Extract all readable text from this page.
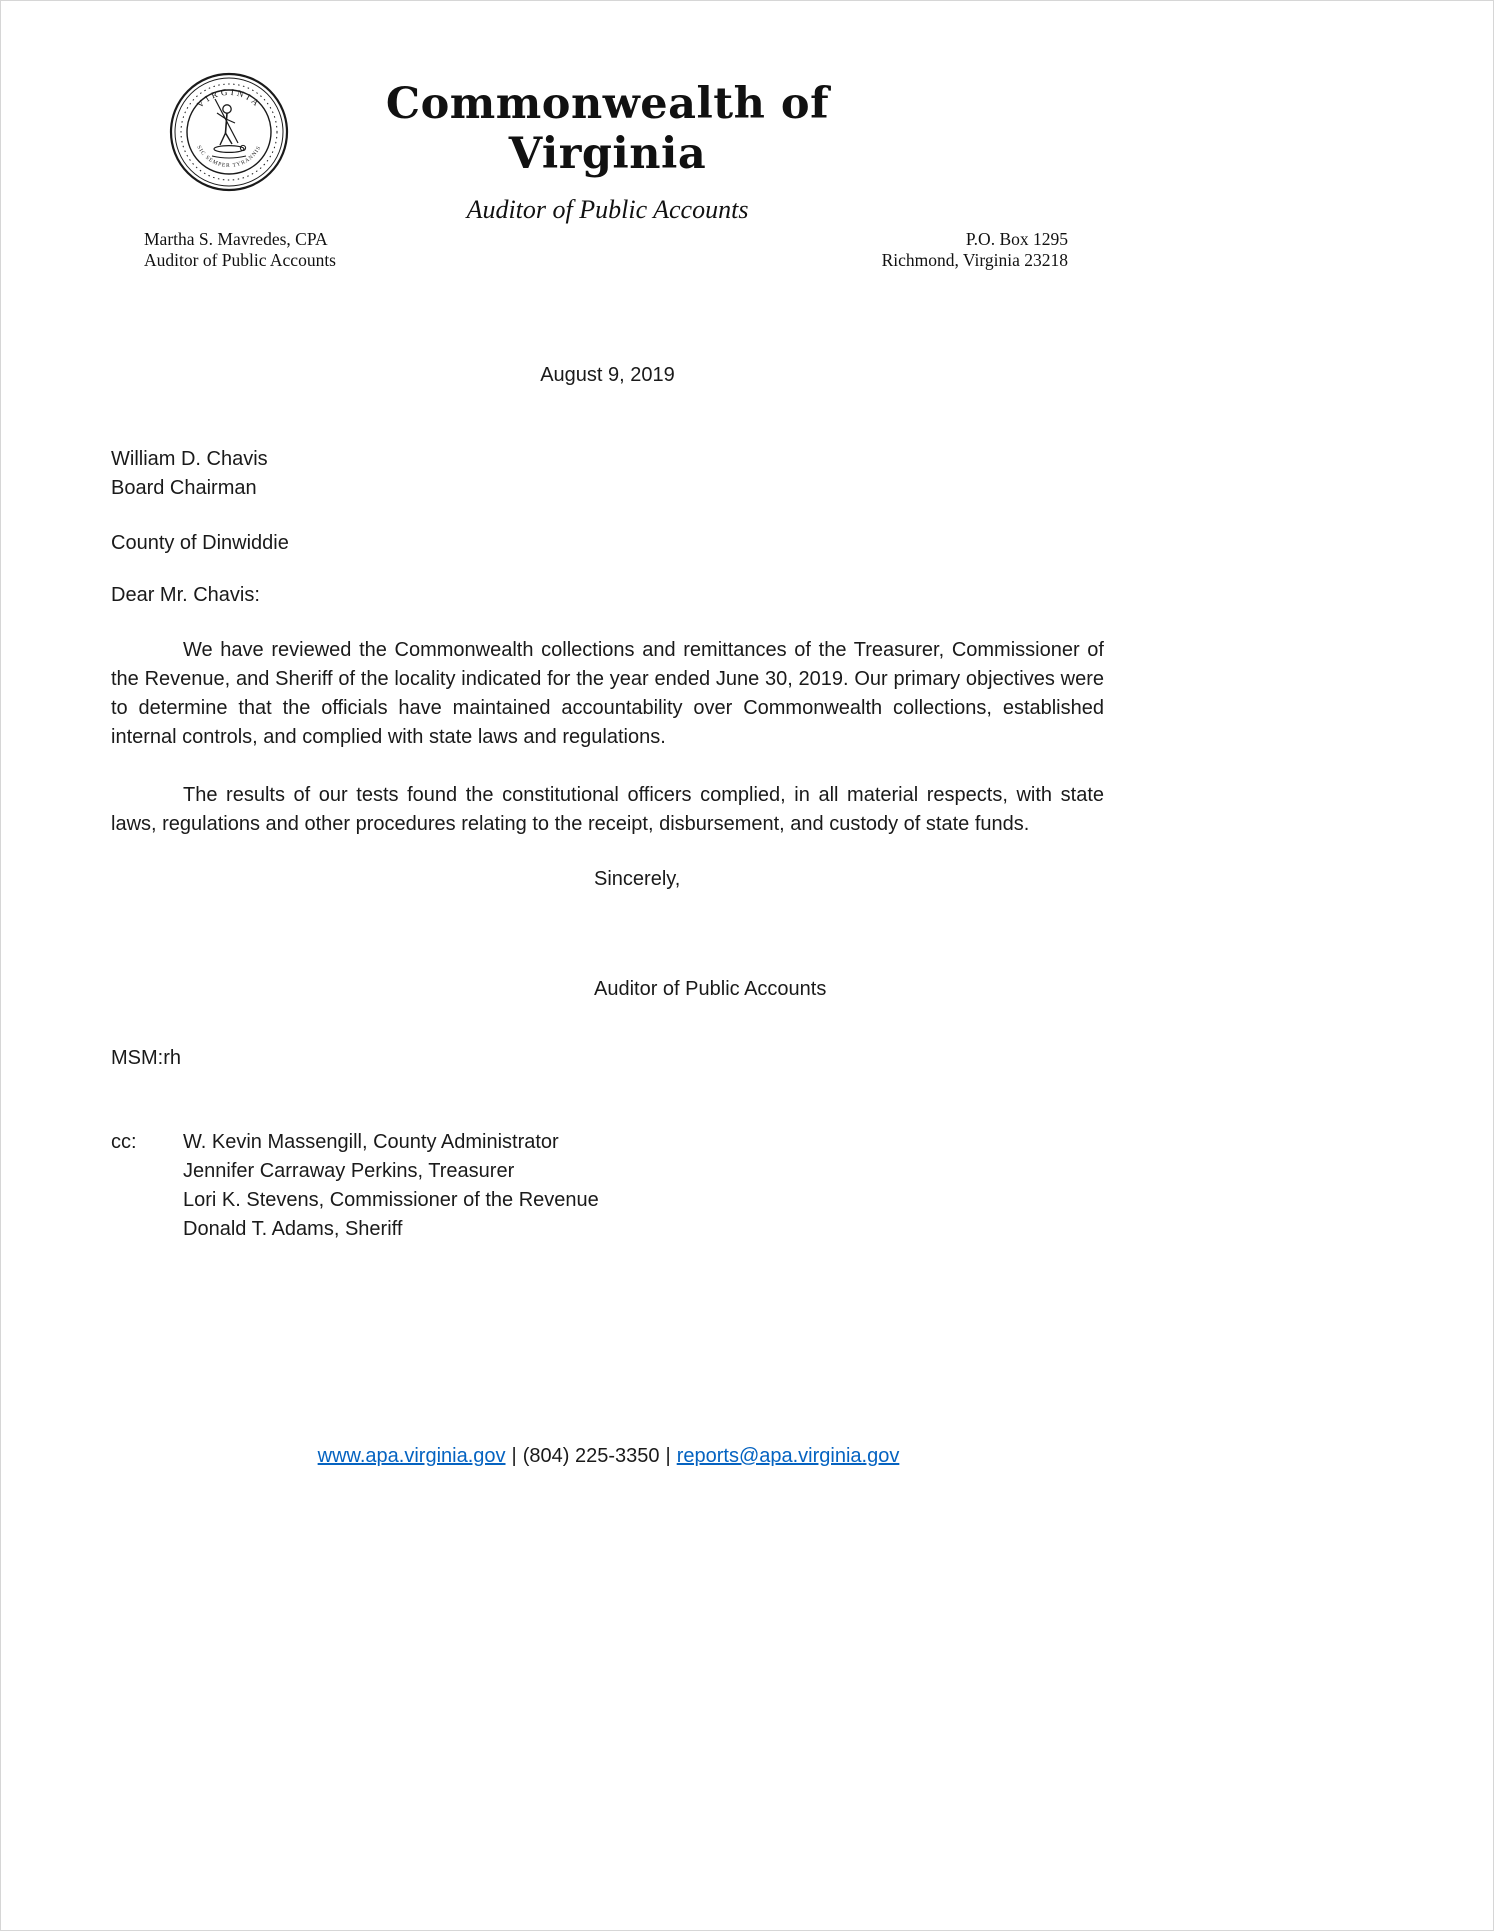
VIRGINIA
SIC SEMPER TYRANNIS
Commonwealth of Virginia
Auditor of Public Accounts
Martha S. Mavredes, CPA
Auditor of Public Accounts
P.O. Box 1295
Richmond, Virginia 23218
August 9, 2019
William D. Chavis
Board Chairman
County of Dinwiddie
Dear Mr. Chavis:

We have reviewed the Commonwealth collections and remittances of the Treasurer, Commissioner of the Revenue, and Sheriff of the locality indicated for the year ended June 30, 2019. Our primary objectives were to determine that the officials have maintained accountability over Commonwealth collections, established internal controls, and complied with state laws and regulations.

The results of our tests found the constitutional officers complied, in all material respects, with state laws, regulations and other procedures relating to the receipt, disbursement, and custody of state funds.

Sincerely,
Auditor of Public Accounts
MSM:rh
cc:	W. Kevin Massengill, County Administrator
Jennifer Carraway Perkins, Treasurer
Lori K. Stevens, Commissioner of the Revenue
Donald T. Adams, Sheriff
www.apa.virginia.gov | (804) 225-3350 | reports@apa.virginia.gov
